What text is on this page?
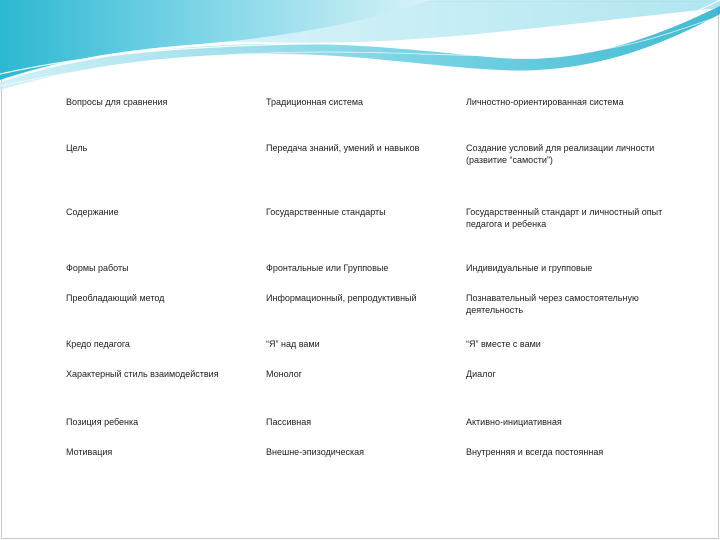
Вопросы для сравнения	Традиционная система	Личностно-ориентированная система
Цель	Передача знаний, умений и навыков	Создание условий для реализации личности (развитие “самости”)
Содержание	Государственные стандарты	Государственный стандарт и личностный опыт педагога и ребенка
Формы работы	Фронтальные или Групповые	Индивидуальные и групповые
Преобладающий метод	Информационный, репродуктивный	Познавательный через самостоятельную деятельность
Кредо педагога	“Я” над вами	“Я” вместе с вами
Характерный стиль взаимодействия	Монолог	Диалог
Позиция ребенка	Пассивная	Активно-инициативная
Мотивация	Внешне-эпизодическая	Внутренняя и всегда постоянная
